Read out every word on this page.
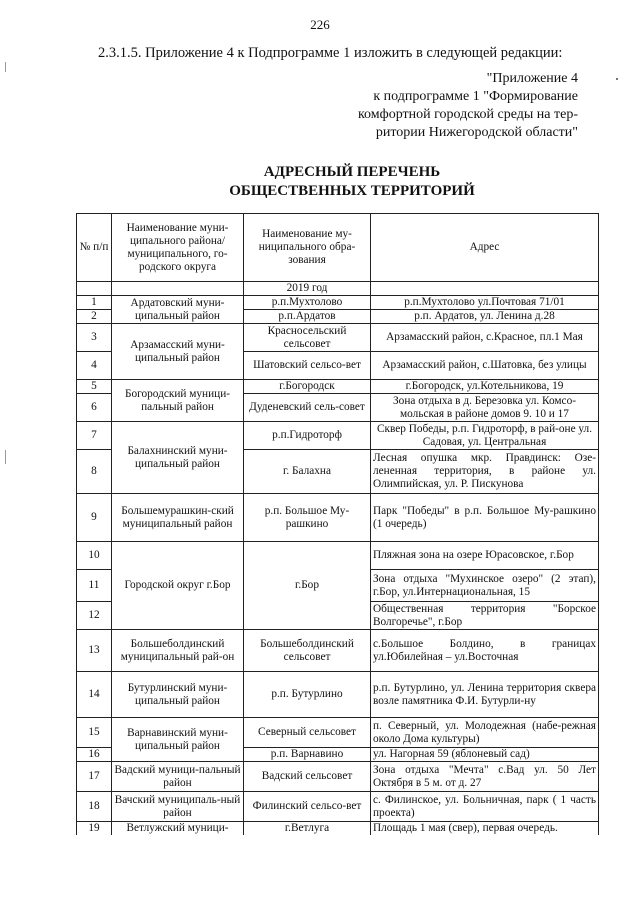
226
2.3.1.5. Приложение 4 к Подпрограмме 1 изложить в следующей редакции:
"Приложение 4
к подпрограмме 1 "Формирование
комфортной городской среды на тер-
ритории Нижегородской области"
АДРЕСНЫЙ ПЕРЕЧЕНЬ
ОБЩЕСТВЕННЫХ ТЕРРИТОРИЙ
№ п/п	Наименование муни-ципального района/ муниципального, го-родского округа	Наименование му-ниципального обра-зования	Адрес
		2019 год	
1	Ардатовский муни-ципальный район	р.п.Мухтолово	р.п.Мухтолово ул.Почтовая 71/01
2		р.п.Ардатов	р.п. Ардатов, ул. Ленина д.28
3	Арзамасский муни-ципальный район	Красносельский сельсовет	Арзамасский район, с.Красное, пл.1 Мая
4		Шатовский сельсо-вет	Арзамасский район, с.Шатовка, без улицы
5	Богородский муници-пальный район	г.Богородск	г.Богородск, ул.Котельникова, 19
6		Дуденевский сель-совет	Зона отдыха в д. Березовка ул. Комсо-мольская в районе домов 9. 10 и 17
7	Балахнинский муни-ципальный район	р.п.Гидроторф	Сквер Победы, р.п. Гидроторф, в рай-оне ул. Садовая, ул. Центральная
8		г. Балахна	Лесная опушка мкр. Правдинск: Озе-лененная территория, в районе ул. Олимпийская, ул. Р. Пискунова
9	Большемурашкин-ский муниципальный район	р.п. Большое Му-рашкино	Парк "Победы" в р.п. Большое Му-рашкино (1 очередь)
10	Городской округ г.Бор	г.Бор	Пляжная зона на озере Юрасовское, г.Бор
11			Зона отдыха "Мухинское озеро" (2 этап), г.Бор, ул.Интернациональная, 15
12			Общественная территория "Борское Волгоречье", г.Бор
13	Большеболдинский муниципальный рай-он	Большеболдинский сельсовет	с.Большое Болдино, в границах ул.Юбилейная – ул.Восточная
14	Бутурлинский муни-ципальный район	р.п. Бутурлино	р.п. Бутурлино, ул. Ленина территория сквера возле памятника Ф.И. Бутурли-ну
15	Варнавинский муни-ципальный район	Северный сельсовет	п. Северный, ул. Молодежная (набе-режная около Дома культуры)
16		р.п. Варнавино	ул. Нагорная 59 (яблоневый сад)
17	Вадский муници-пальный район	Вадский сельсовет	Зона отдыха "Мечта" с.Вад ул. 50 Лет Октября в 5 м. от д. 27
18	Вачский муниципаль-ный район	Филинский сельсо-вет	с. Филинское, ул. Больничная, парк ( 1 часть проекта)
19	Ветлужский муници-	г.Ветлуга	Площадь 1 мая (свер), первая очередь.
